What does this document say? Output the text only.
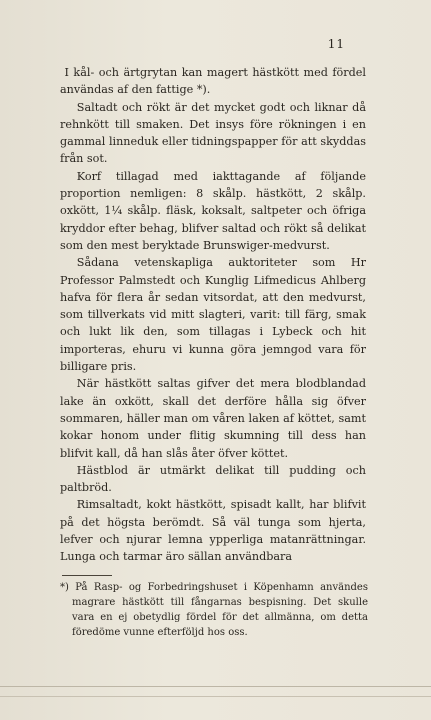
11

I kål- och ärtgrytan kan magert hästkött med fördel användas af den fattige *).

Saltadt och rökt är det mycket godt och liknar då rehnkött till smaken. Det insys före rökningen i en gammal linneduk eller tidningspapper för att skyddas från sot.

Korf tillagad med iakttagande af följande proportion nemligen: 8 skålp. hästkött, 2 skålp. oxkött, 1¼ skålp. fläsk, koksalt, saltpeter och öfriga kryddor efter behag, blifver saltad och rökt så delikat som den mest beryktade Brunswiger-medvurst.

Sådana vetenskapliga auktoriteter som Hr Professor Palmstedt och Kunglig Lifmedicus Ahlberg hafva för flera år sedan vitsordat, att den medvurst, som tillverkats vid mitt slagteri, varit: till färg, smak och lukt lik den, som tillagas i Lybeck och hit importeras, ehuru vi kunna göra jemngod vara för billigare pris.

När hästkött saltas gifver det mera blodblandad lake än oxkött, skall det derföre hålla sig öfver sommaren, häller man om våren laken af köttet, samt kokar honom under flitig skumning till dess han blifvit kall, då han slås åter öfver köttet.

Hästblod är utmärkt delikat till pudding och paltbröd.

Rimsaltadt, kokt hästkött, spisadt kallt, har blifvit på det högsta berömdt. Så väl tunga som hjerta, lefver och njurar lemna ypperliga matanrättningar. Lunga och tarmar äro sällan användbara

*) På Rasp- og Forbedringshuset i Köpenhamn användes magrare hästkött till fångarnas bespisning. Det skulle vara en ej obetydlig fördel för det allmänna, om detta föredöme vunne efterföljd hos oss.
